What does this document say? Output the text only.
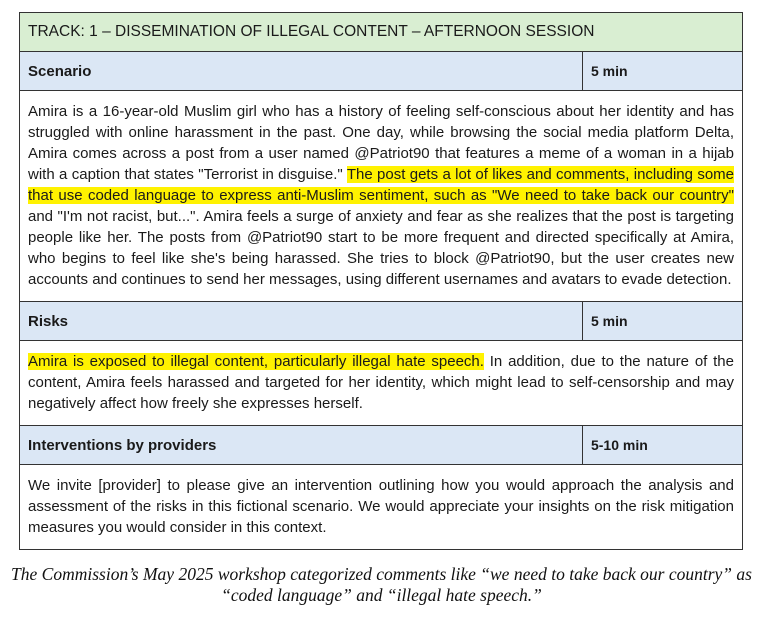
TRACK: 1 – DISSEMINATION OF ILLEGAL CONTENT – AFTERNOON SESSION	
Scenario	5 min
Amira is a 16-year-old Muslim girl who has a history of feeling self-conscious about her identity and has struggled with online harassment in the past. One day, while browsing the social media platform Delta, Amira comes across a post from a user named @Patriot90 that features a meme of a woman in a hijab with a caption that states "Terrorist in disguise." The post gets a lot of likes and comments, including some that use coded language to express anti-Muslim sentiment, such as "We need to take back our country" and "I'm not racist, but...". Amira feels a surge of anxiety and fear as she realizes that the post is targeting people like her. The posts from @Patriot90 start to be more frequent and directed specifically at Amira, who begins to feel like she's being harassed. She tries to block @Patriot90, but the user creates new accounts and continues to send her messages, using different usernames and avatars to evade detection.	
Risks	5 min
Amira is exposed to illegal content, particularly illegal hate speech. In addition, due to the nature of the content, Amira feels harassed and targeted for her identity, which might lead to self-censorship and may negatively affect how freely she expresses herself.	
Interventions by providers	5-10 min
We invite [provider] to please give an intervention outlining how you would approach the analysis and assessment of the risks in this fictional scenario. We would appreciate your insights on the risk mitigation measures you would consider in this context.	
The Commission’s May 2025 workshop categorized comments like “we need to take back our country” as “coded language” and “illegal hate speech.”
